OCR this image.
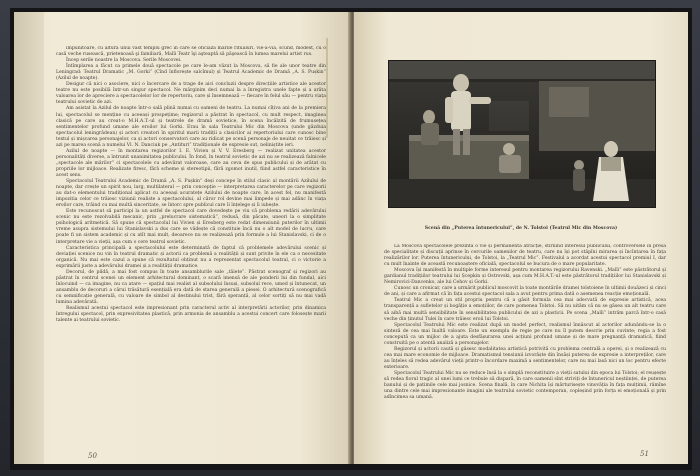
impunitoare, cu altura unui vast templu grec în care se oficiază marile ritualuri, vie-a-via, scund, modest, cu o casă veche rusească, prietenoasă şi familiară, Malîi Teatr îşi aşteaptă să păşească în lumea marelui artist rus.

Încep serile noastre la Moscova. Serile Moscovei.

Întîmplarea a făcut ca primele două spectacole pe care le-am văzut la Moscova, să fie ale unor teatre din Leningrad: Teatrul Dramatic „M. Gorki” (Cînd înflorește salcîmul) și Teatrul Academic de Dramă „A. S. Pușkin” (Azilul de noapte).

Desigur că nici o asociere, nici o încercare de a trage de aici concluzii despre direcțiile artistice ale acestor teatre nu este posibilă într-un singur spectacol. Ne mărginim deci numai la a înregistra unele fapte și a arăta valoarea lor de apreciere a spectacolelor lor de repertoriu, care și însemnează — fiecare în felul său — pentru viața teatrului sovietic de azi.

Am asistat la Azilul de noapte într-o sală plină numai cu oameni de teatru. La numai cîțiva ani de la premiera lui, spectacolul se menține cu aceeași prospețime; regizorul a păstrat în spectacol, cu mult respect, imaginea clasică pe care au creat-o M.H.A.T.-ul și teatrele de dramă sovietice, în scena încălzită de frumusețea sentimentelor profund umane ale eroilor lui Gorki. Erau în sala Teatrului Mic din Moscova (unde găzduia spectacolul leningrădean) și actori creatori în spiritul marii tradiții a clasicilor ai repertoriului care cunosc bine textul și mișcarea personajelor, ca și actori conservatori care au ridicat pe scenă personaje de neuitat ce trăiesc și azi pe marea scenă a numelui Vl. N. Danciuk pe „Antituri” tradiționale de expresie sut, neliniștite ieri.

Azilul de noapte — în montarea regizorilor I. E. Vivien și V. V. Eresberg — realizat unitatea acestor personalități diverse, a întrunit unanimitatea publicului. În fond, în teatrul sovietic de azi nu se realizează falnicele „spectacole ale mărilor” ci spectacolele cu adevărat valoroase, care au ceva de spus publicului și de arătat cu propriile lor mijloace. Realizate firesc, fără scheme și stereotipii, fără zgomot inutil, fiind astfel caracteristice în acest sens.

Spectacolul Teatrului Academic de Dramă „A. S. Pușkin” deși concepe în stilul clasic al montării Azilului de noapte, dar crește un spirit nou, larg, multilateral — prin concepție — interpretarea caracterelor pe care regizorii au dat-o elementului tradițional aplicat cu aceeași acuratețe Azilului de noapte care, în acest fel, nu manifestă impozitia celor ce trăiesc viziunii realiste a spectacolului, al căror rol devine mai limpede și mai adânc în viața eroilor care, trăind cu mai multă sinceritate, se întorc spre publicul care îi înțelege și îi iubește.

Este recunoscut să participi la un astfel de spectacol care dovedește pe viu că problema redării adevărului scenic nu este rezolvabilă mecanic, prin „prelucrare sistematică”, redusă, din păcate, uneori la o simplitate psihologică aritmetică. Să spune că spectacolul lui Vivien și Eresberg este redat dimensiunii puterilor în ultimii vreme asupra sistemului lui Stanislavski a dus care se vădește că constituie încă nu o alt model de lucru, care poate fi un sistem academic și cu atît mai mult, deoarece nu se realizează prin formule a lui Stanislavski, ci de o interpretare vie a vieții, așa cum o cere teatrul sovietic.

Caracteristica principală a spectacolului este determinată de faptul că problemele adevărului scenic și deviației scenice nu vin în teatrul dramatic și actorii ca problemă a realității și sunt privite în ele ca o necesitate organică. Nu mai este cazul a spune că rezultatul obținut nu a reprezentat spectacolul teatral, ci o victorie a exprimării juste a adevărului dramei și a realității dramatice.

Decorul, de pildă, a mai fost compus în toate ansamblurile sale „tăiete”. Păstrat scenograf și regizori au păstrat în centrul scenei un element arhitectural dominant, o scară imensă de ale ponderii lui din fundal, aici înlocuind — ca imagine, nu ca atare — spațiul mai realist al subsolului însuși, subsolul rece, umed și întunecat, un ansamblu de decoruri a cărui trăsătură esențială era dată de starea generală a piesei. O arhitectură scenografică cu semnificație generală, cu valoare de simbol al destinului trist, fără speranță, al celor sortiți să nu mai vadă lumina adevărată.

Realismul acestui spectacol este impresionant prin caracterul activ al interpretării actorilor, prin dinamica întregului spectacol, prin expresivitatea plastică, prin armonia de ansamblu a acestui concert care folosește marii talente ai teatrului sovietic.

50
Scenă din „Puterea întunericului”, de N. Tolstoi (Teatrul Mic din Moscova)

La Moscova spectacolele prezintă o vie și permanentă atracție, stîrnind interesul publicului, controversele în presa de specialitate și discuții aprinse în cercurile oamenilor de teatru, care nu își pot stăpîni mirarea și încîntarea în fața realizărilor lor. Puterea întunericului, de Tolstoi, la „Teatrul Mic”. Festivalul a acordat acestui spectacol premiul I, dar cu mult înainte de această recunoaștere oficială, spectacolul se bucura de o mare popularitate.

Moscova își manifestă în multiple forme interesul pentru montarea regizorului Ravenski. „Malîi” este păstrătorul și gardianul tradițiilor teatrului lui Șcepkin și Ostrovski, așa cum M.H.A.T.-ul este păstrătorul tradițiilor lui Stanislavski și Nemirovici-Dancenko, ale lui Cehov și Gorki.

Cunosc un cronicar, care a urmărit publicul moscovit la toate montările dramei tolstoiene în ultimii douăzeci și cinci de ani, și care a afirmat că în fața acestui spectacol sala a avut pentru prima dată o asemenea reacție emoțională.

Teatrul Mic a creat un stil propriu pentru că a găsit formula cea mai adecvată de expresie artistică, acea transparență a sufletelor și bogăție a emoțiilor, de care pomenea Tolstoi. Să nu uităm că nu se găsea un alt teatru care să aibă mai multă sensibilitate în sensibilitatea publicului de azi a plasticii. Pe scena „Malîi” intrăm parcă într-o casă veche din ținutul Tulei în care trăiesc eroii lui Tolstoi.

Spectacolul Teatrului Mic este realizat după un model perfect, realismul înnăscut al actorilor adunându-se la o sinteză de cea mai înaltă valoare. Este un exemplu de regie pe care nu îl putem descrie prin cuvinte; regia a fost concepută ca un mijloc de a ajuta desfășurarea unei acțiuni profund umane și de mare pregnanță dramatică, fiind construită pe o atentă analiză a personajelor.

Regizorul și actorii caută și găsesc modalitatea artistică potrivită cu problema centrală a operei, și o realizează cu cea mai mare economie de mijloace. Dramatismul tensiunii izvorăște din însăși puterea de expresie a interpreților, care au înțeles să redea adevărul vieții printr-o încordare maximă a sentimentelor, care nu mai lasă nici un loc pentru efecte exterioare.

Spectacolul Teatrului Mic nu se reduce însă la o simplă reconstituire a vieții satului din epoca lui Tolstoi; el reușește să redea fiorul tragic al unei lumi ce trebuie să dispară, în care oamenii sînt striviți de întunericul neștiinței, de puterea banului și de patimile cele mai josnice. Scena finală, în care Nichita își mărturisește vinovăția în fața mulțimii, rămîne una dintre cele mai impresionante imagini ale teatrului sovietic contemporan, copleșind prin forța ei emoțională și prin adîncimea sa umană.

51
